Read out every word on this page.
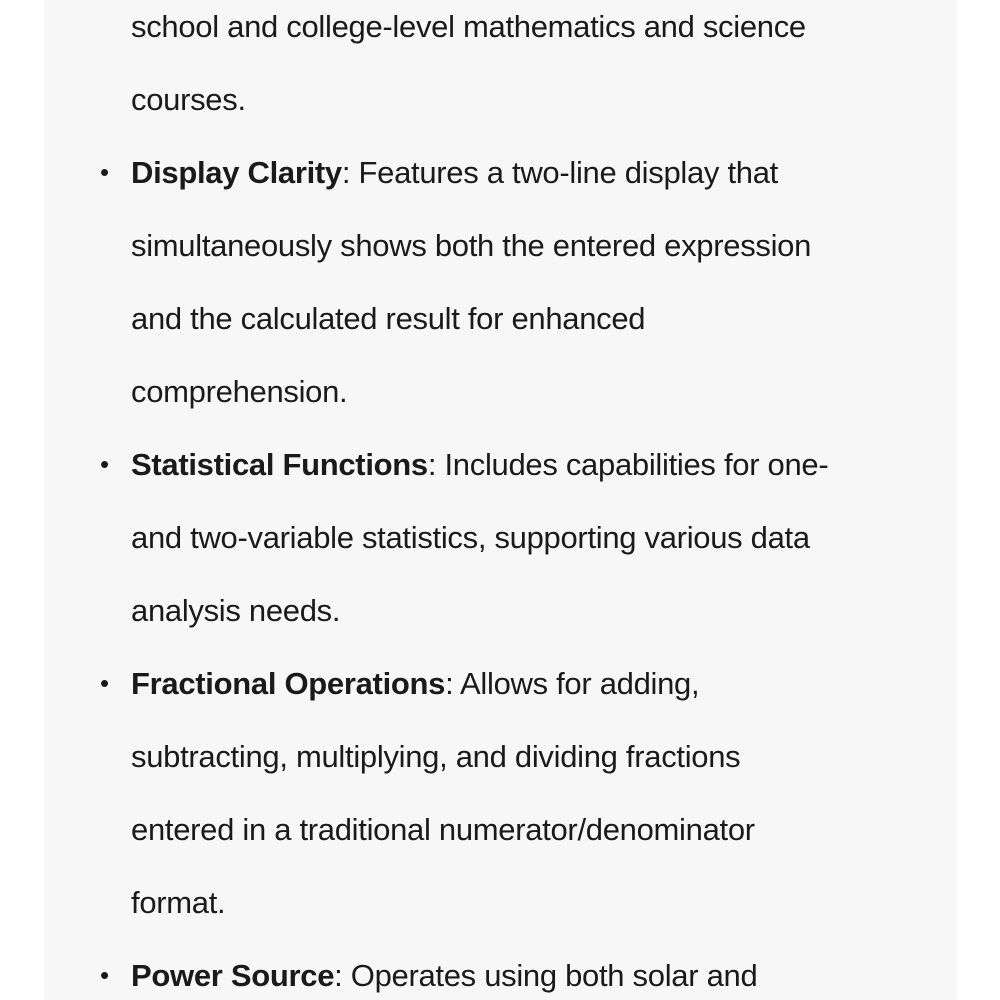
school and college-level mathematics and science
courses.
• Display Clarity: Features a two-line display that
simultaneously shows both the entered expression
and the calculated result for enhanced
comprehension.
• Statistical Functions: Includes capabilities for one-
and two-variable statistics, supporting various data
analysis needs.
• Fractional Operations: Allows for adding,
subtracting, multiplying, and dividing fractions
entered in a traditional numerator/denominator
format.
• Power Source: Operates using both solar and
